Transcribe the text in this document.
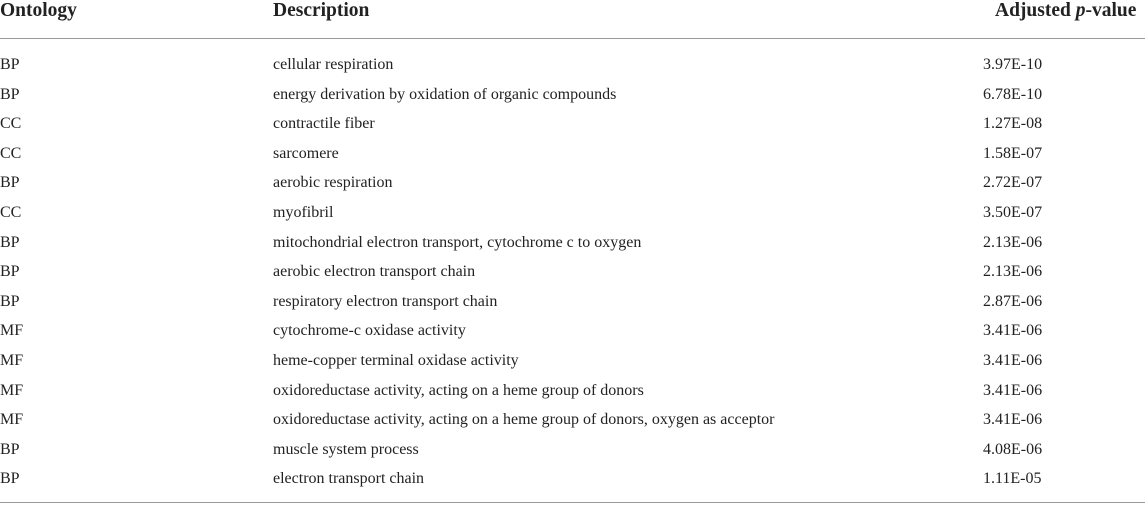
Ontology	Description	Adjusted p-value
BP	cellular respiration	3.97E-10
BP	energy derivation by oxidation of organic compounds	6.78E-10
CC	contractile fiber	1.27E-08
CC	sarcomere	1.58E-07
BP	aerobic respiration	2.72E-07
CC	myofibril	3.50E-07
BP	mitochondrial electron transport, cytochrome c to oxygen	2.13E-06
BP	aerobic electron transport chain	2.13E-06
BP	respiratory electron transport chain	2.87E-06
MF	cytochrome-c oxidase activity	3.41E-06
MF	heme-copper terminal oxidase activity	3.41E-06
MF	oxidoreductase activity, acting on a heme group of donors	3.41E-06
MF	oxidoreductase activity, acting on a heme group of donors, oxygen as acceptor	3.41E-06
BP	muscle system process	4.08E-06
BP	electron transport chain	1.11E-05
